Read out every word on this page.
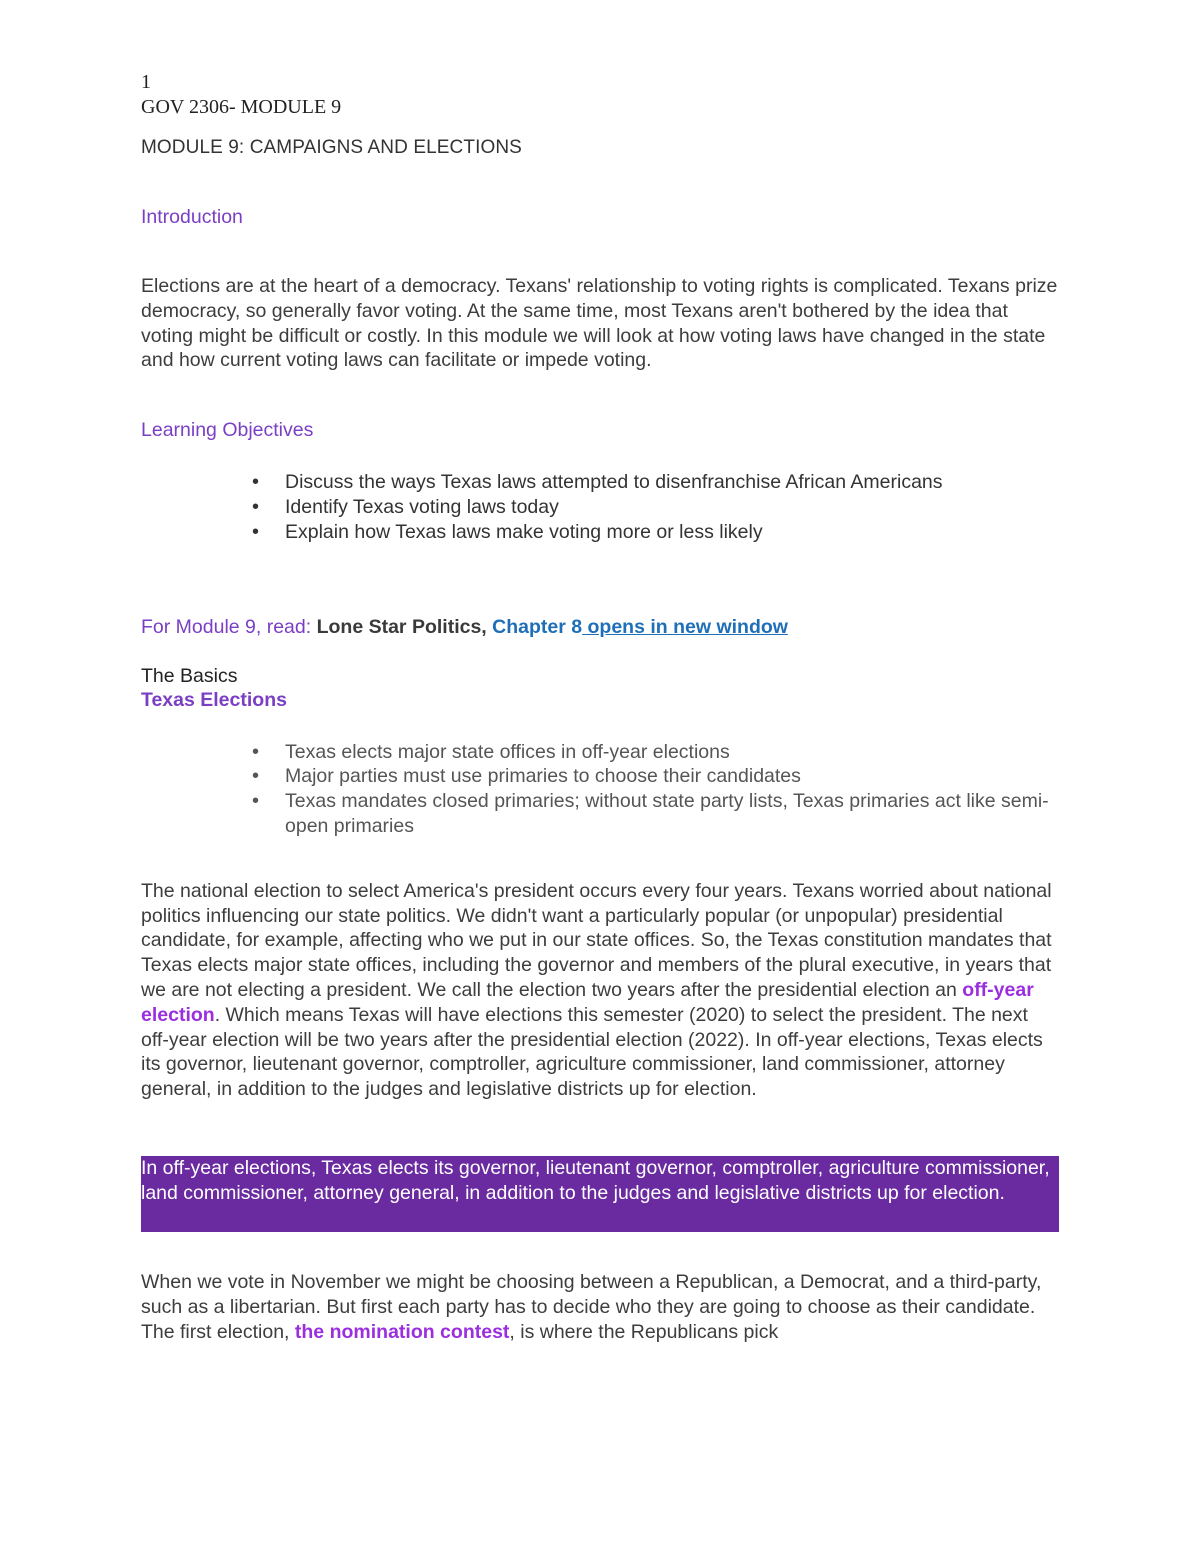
1

GOV 2306- MODULE 9

MODULE 9: CAMPAIGNS AND ELECTIONS

Introduction

Elections are at the heart of a democracy. Texans' relationship to voting rights is complicated. Texans prize democracy, so generally favor voting. At the same time, most Texans aren't bothered by the idea that voting might be difficult or costly. In this module we will look at how voting laws have changed in the state and how current voting laws can facilitate or impede voting.

Learning Objectives

• Discuss the ways Texas laws attempted to disenfranchise African Americans
• Identify Texas voting laws today
• Explain how Texas laws make voting more or less likely

For Module 9, read: Lone Star Politics, Chapter 8 opens in new window

The Basics

Texas Elections

• Texas elects major state offices in off-year elections
• Major parties must use primaries to choose their candidates
• Texas mandates closed primaries; without state party lists, Texas primaries act like semi-open primaries

The national election to select America's president occurs every four years. Texans worried about national politics influencing our state politics. We didn't want a particularly popular (or unpopular) presidential candidate, for example, affecting who we put in our state offices. So, the Texas constitution mandates that Texas elects major state offices, including the governor and members of the plural executive, in years that we are not electing a president. We call the election two years after the presidential election an off-year election. Which means Texas will have elections this semester (2020) to select the president. The next off-year election will be two years after the presidential election (2022). In off-year elections, Texas elects its governor, lieutenant governor, comptroller, agriculture commissioner, land commissioner, attorney general, in addition to the judges and legislative districts up for election.

In off-year elections, Texas elects its governor, lieutenant governor, comptroller, agriculture commissioner, land commissioner, attorney general, in addition to the judges and legislative districts up for election.

When we vote in November we might be choosing between a Republican, a Democrat, and a third-party, such as a libertarian. But first each party has to decide who they are going to choose as their candidate. The first election, the nomination contest, is where the Republicans pick
